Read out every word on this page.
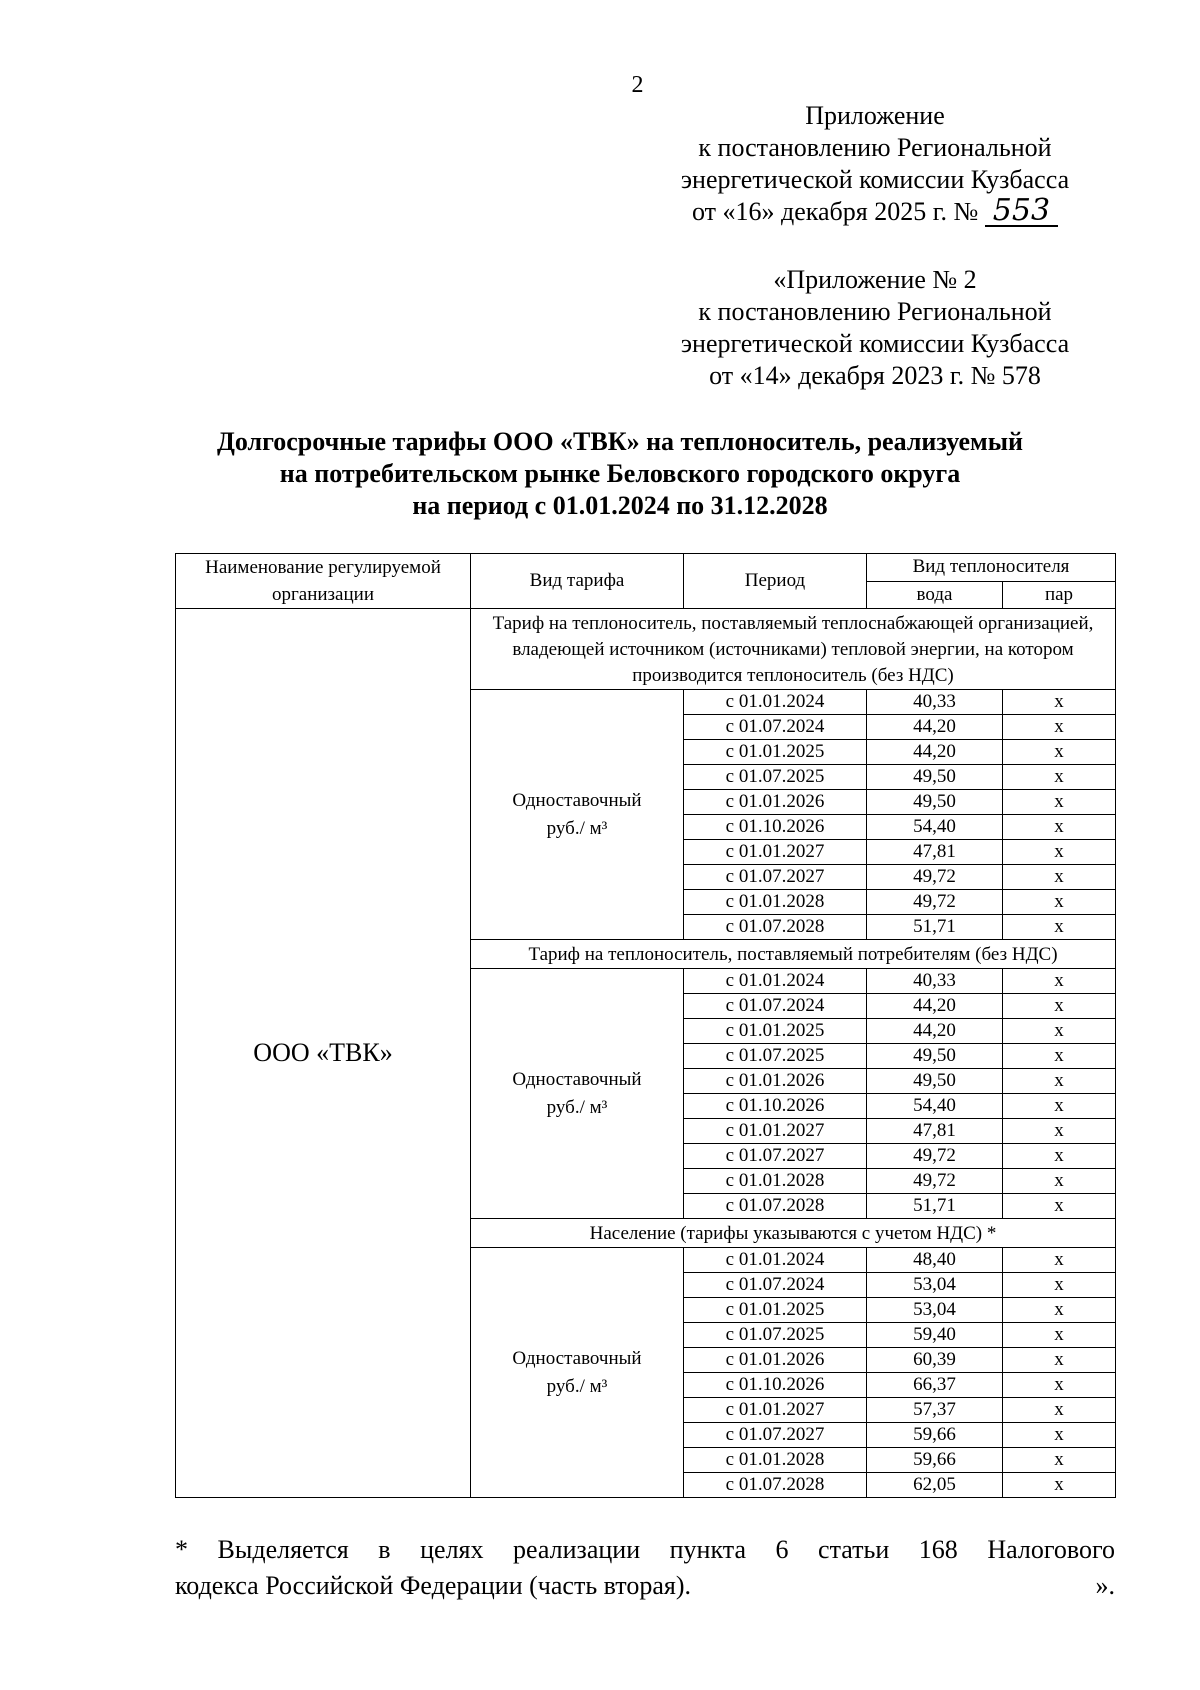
2
Приложение
к постановлению Региональной
энергетической комиссии Кузбасса
от «16» декабря 2025 г. № 553
«Приложение № 2
к постановлению Региональной
энергетической комиссии Кузбасса
от «14» декабря 2023 г. № 578
Долгосрочные тарифы ООО «ТВК» на теплоноситель, реализуемый
на потребительском рынке Беловского городского округа
на период с 01.01.2024 по 31.12.2028
Наименование регулируемой организации	Вид тарифа	Период	Вид теплоносителя	
			вода	пар
ООО «ТВК»	Тариф на теплоноситель, поставляемый теплоснабжающей организацией, владеющей источником (источниками) тепловой энергии, на котором производится теплоноситель (без НДС)			

	Одноставочный
руб./ м³	с 01.01.2024	40,33	x
		с 01.07.2024	44,20	x
		с 01.01.2025	44,20	x
		с 01.07.2025	49,50	x
		с 01.01.2026	49,50	x
		с 01.10.2026	54,40	x
		с 01.01.2027	47,81	x
		с 01.07.2027	49,72	x
		с 01.01.2028	49,72	x
		с 01.07.2028	51,71	x
	Тариф на теплоноситель, поставляемый потребителям (без НДС)			

	Одноставочный
руб./ м³	с 01.01.2024	40,33	x
		с 01.07.2024	44,20	x
		с 01.01.2025	44,20	x
		с 01.07.2025	49,50	x
		с 01.01.2026	49,50	x
		с 01.10.2026	54,40	x
		с 01.01.2027	47,81	x
		с 01.07.2027	49,72	x
		с 01.01.2028	49,72	x
		с 01.07.2028	51,71	x
	Население (тарифы указываются с учетом НДС) *			

	Одноставочный
руб./ м³	с 01.01.2024	48,40	x
		с 01.07.2024	53,04	x
		с 01.01.2025	53,04	x
		с 01.07.2025	59,40	x
		с 01.01.2026	60,39	x
		с 01.10.2026	66,37	x
		с 01.01.2027	57,37	x
		с 01.07.2027	59,66	x
		с 01.01.2028	59,66	x
		с 01.07.2028	62,05	x
* Выделяется в целях реализации пункта 6 статьи 168 Налогового
кодекса Российской Федерации (часть вторая).	».
